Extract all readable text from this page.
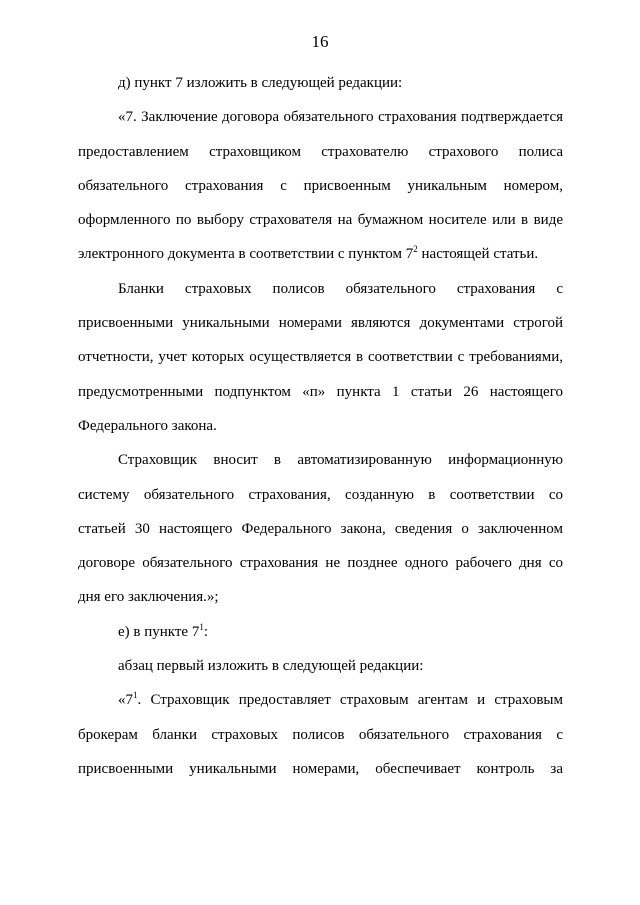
16
д) пункт 7 изложить в следующей редакции:
«7. Заключение договора обязательного страхования подтверждается
предоставлением страховщиком страхователю страхового полиса
обязательного страхования с присвоенным уникальным номером,
оформленного по выбору страхователя на бумажном носителе или в виде
электронного документа в соответствии с пунктом $7^2$ настоящей статьи.
Бланки страховых полисов обязательного страхования с
присвоенными уникальными номерами являются документами строгой
отчетности, учет которых осуществляется в соответствии с требованиями,
предусмотренными подпунктом «п» пункта 1 статьи 26 настоящего
Федерального закона.
Страховщик вносит в автоматизированную информационную
систему обязательного страхования, созданную в соответствии со
статьей 30 настоящего Федерального закона, сведения о заключенном
договоре обязательного страхования не позднее одного рабочего дня со
дня его заключения.»;
е) в пункте $7^1$:
абзац первый изложить в следующей редакции:
«$7^1$. Страховщик предоставляет страховым агентам и страховым
брокерам бланки страховых полисов обязательного страхования с
присвоенными уникальными номерами, обеспечивает контроль за
